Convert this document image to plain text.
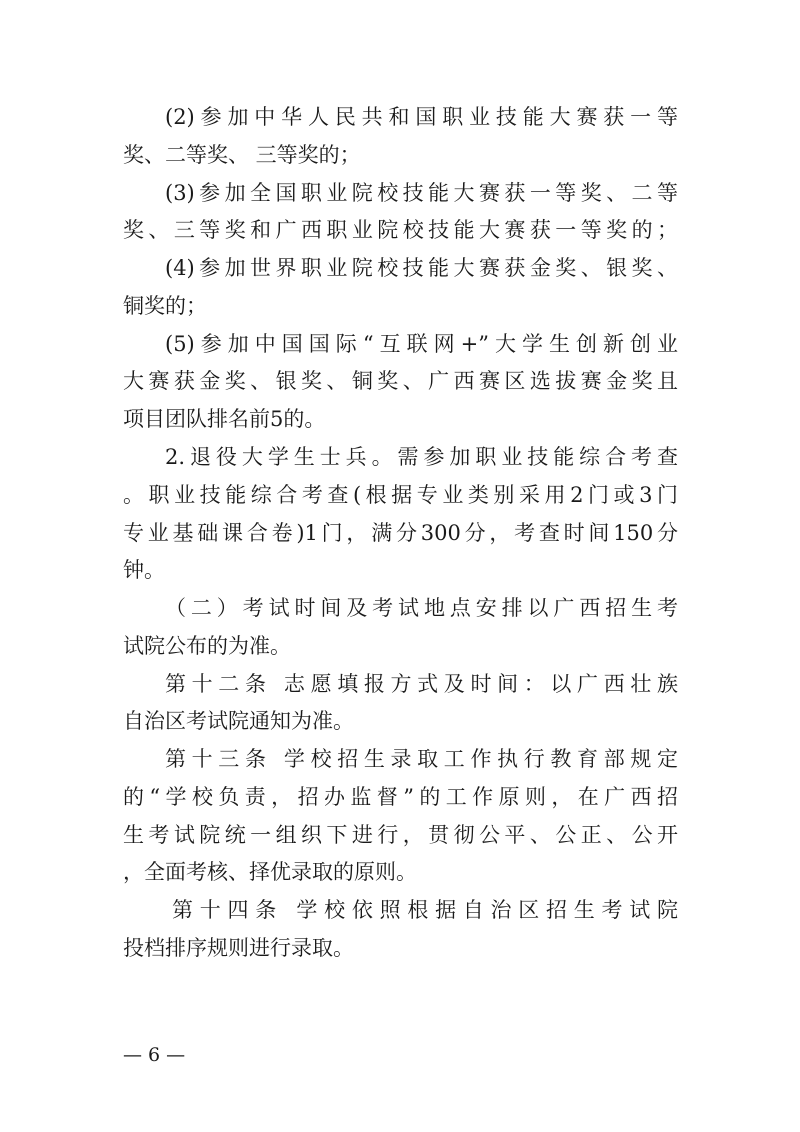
(2)参加中华人民共和国职业技能大赛获一等
奖、二等奖、 三等奖的；
(3)参加全国职业院校技能大赛获一等奖、二等
奖、三等奖和广西职业院校技能大赛获一等奖的；
(4)参加世界职业院校技能大赛获金奖、银奖、
铜奖的；
(5)参加中国国际“互联网+”大学生创新创业
大赛获金奖、银奖、铜奖、广西赛区选拔赛金奖且
项目团队排名前5的。
2.退役大学生士兵。需参加职业技能综合考查
。职业技能综合考查(根据专业类别采用2门或3门
专业基础课合卷)1门，满分300分，考查时间150分
钟。
（二）考试时间及考试地点安排以广西招生考
试院公布的为准。
第十二条 志愿填报方式及时间：以广西壮族
自治区考试院通知为准。
第十三条 学校招生录取工作执行教育部规定
的“学校负责，招办监督”的工作原则，在广西招
生考试院统一组织下进行，贯彻公平、公正、公开
，全面考核、择优录取的原则。
第十四条 学校依照根据自治区招生考试院
投档排序规则进行录取。
— 6 —
